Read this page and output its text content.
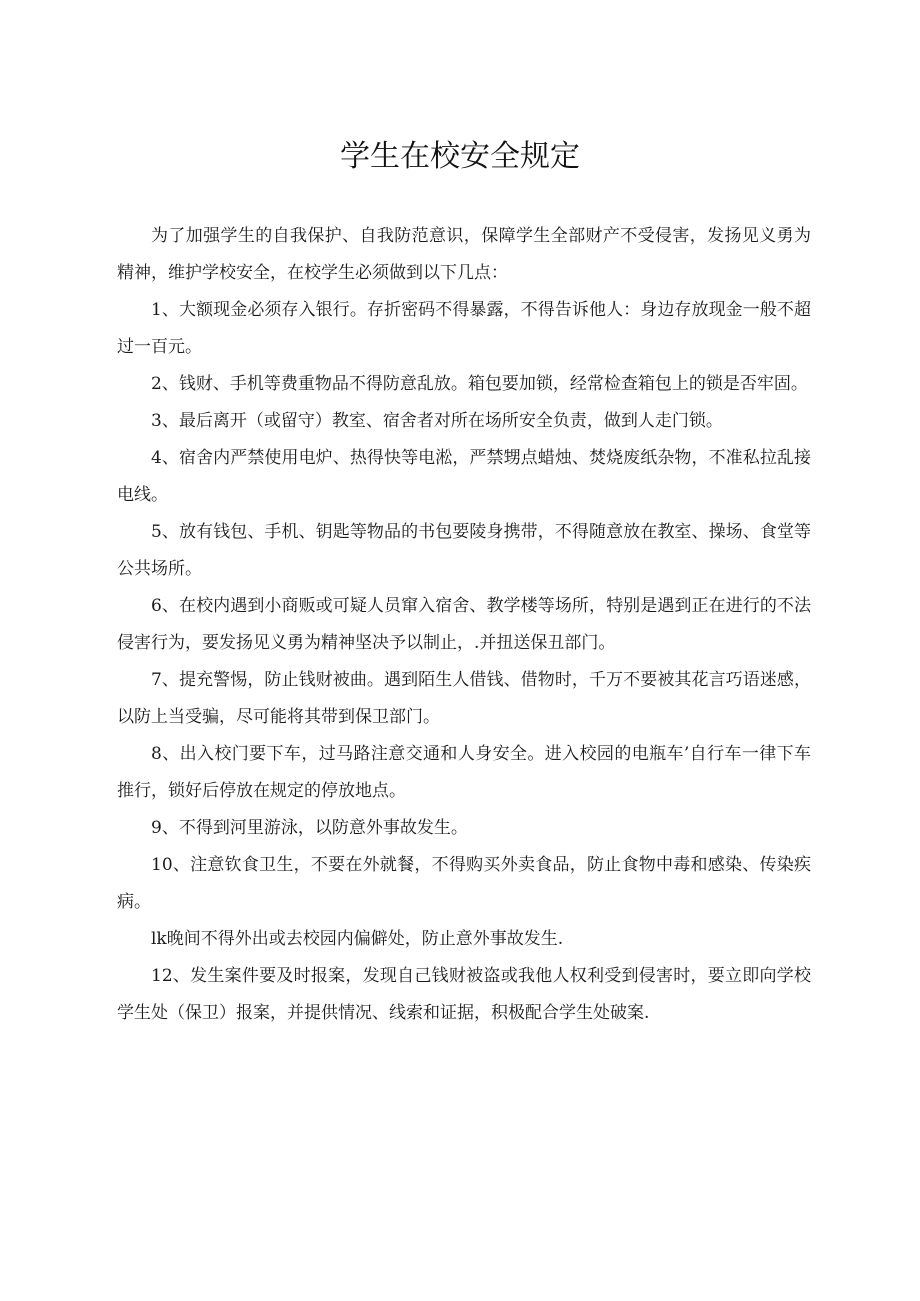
学生在校安全规定

为了加强学生的自我保护、自我防范意识，保障学生全部财产不受侵害，发扬见义勇为精神，维护学校安全，在校学生必须做到以下几点：

1、大额现金必须存入银行。存折密码不得暴露，不得告诉他人：身边存放现金一般不超过一百元。

2、钱财、手机等费重物品不得防意乱放。箱包要加锁，经常检查箱包上的锁是否牢固。

3、最后离开（或留守）教室、宿舍者对所在场所安全负责，做到人走门锁。

4、宿舍内严禁使用电炉、热得快等电淞，严禁甥点蜡烛、焚烧废纸杂物，不准私拉乱接电线。

5、放有钱包、手机、钥匙等物品的书包要陵身携带，不得随意放在教室、操场、食堂等公共场所。

6、在校内遇到小商贩或可疑人员窜入宿舍、教学楼等场所，特别是遇到正在进行的不法侵害行为，要发扬见义勇为精神坚决予以制止，.并扭送保丑部门。

7、提充警惕，防止钱财被曲。遇到陌生人借钱、借物时，千万不要被其花言巧语迷感，以防上当受骗，尽可能将其带到保卫部门。

8、出入校门要下车，过马路注意交通和人身安全。进入校园的电瓶车’自行车一律下车推行，锁好后停放在规定的停放地点。

9、不得到河里游泳，以防意外事故发生。

10、注意钦食卫生，不要在外就餐，不得购买外卖食品，防止食物中毒和感染、传染疾病。

lk晚间不得外出或去校园内偏僻处，防止意外事故发生.

12、发生案件要及时报案，发现自己钱财被盗或我他人权利受到侵害时，要立即向学校学生处（保卫）报案，并提供情况、线索和证据，积极配合学生处破案.
